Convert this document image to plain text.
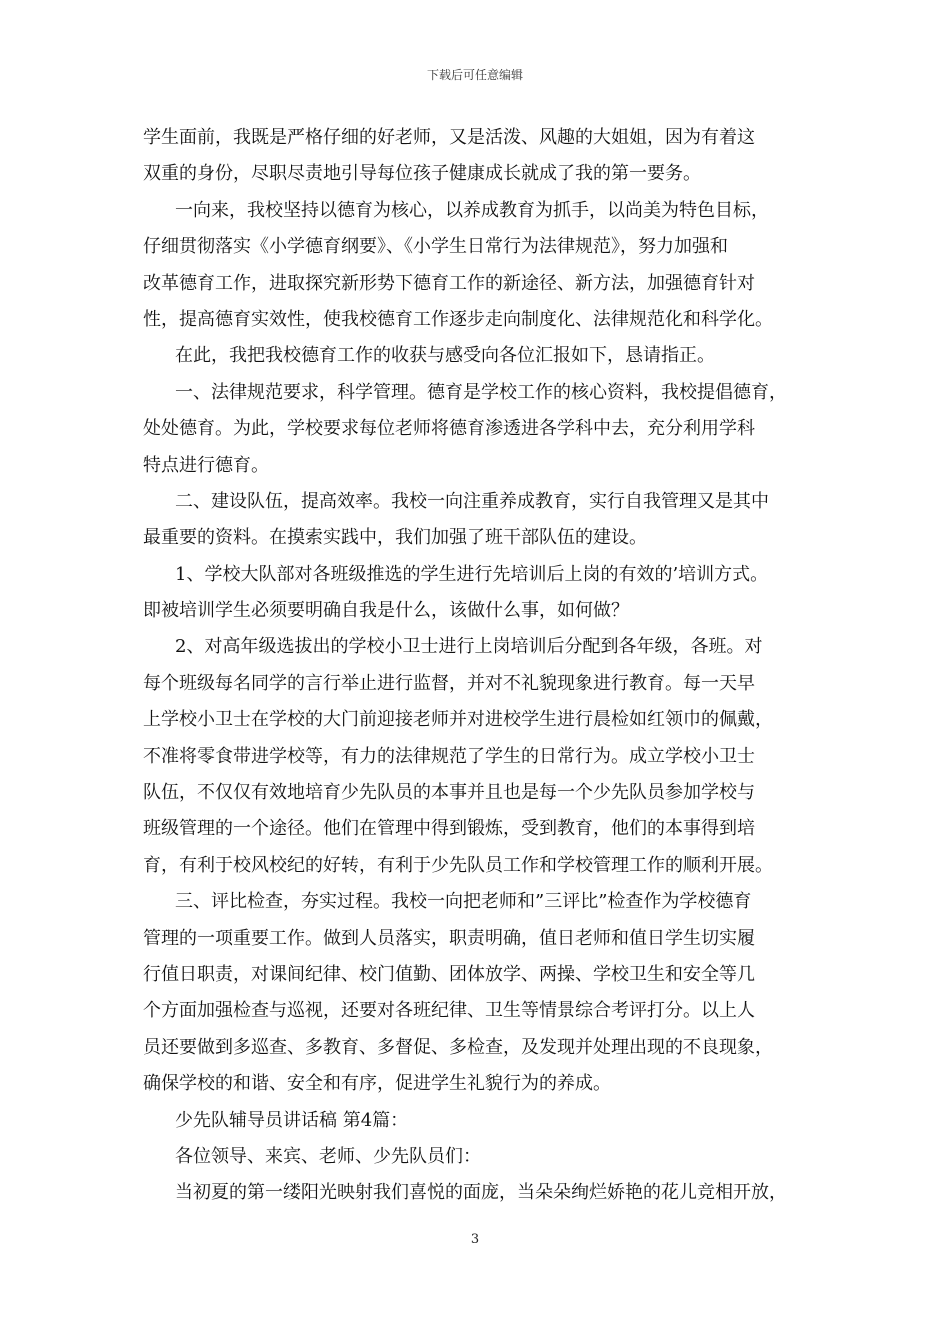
下载后可任意编辑
学生面前，我既是严格仔细的好老师，又是活泼、风趣的大姐姐，因为有着这
双重的身份，尽职尽责地引导每位孩子健康成长就成了我的第一要务。
一向来，我校坚持以德育为核心，以养成教育为抓手，以尚美为特色目标，
仔细贯彻落实《小学德育纲要》、《小学生日常行为法律规范》，努力加强和
改革德育工作，进取探究新形势下德育工作的新途径、新方法，加强德育针对
性，提高德育实效性，使我校德育工作逐步走向制度化、法律规范化和科学化。
在此，我把我校德育工作的收获与感受向各位汇报如下，恳请指正。
一、法律规范要求，科学管理。德育是学校工作的核心资料，我校提倡德育，
处处德育。为此，学校要求每位老师将德育渗透进各学科中去，充分利用学科
特点进行德育。
二、建设队伍，提高效率。我校一向注重养成教育，实行自我管理又是其中
最重要的资料。在摸索实践中，我们加强了班干部队伍的建设。
1、学校大队部对各班级推选的学生进行先培训后上岗的有效的’培训方式。
即被培训学生必须要明确自我是什么，该做什么事，如何做？
2、对高年级选拔出的学校小卫士进行上岗培训后分配到各年级，各班。对
每个班级每名同学的言行举止进行监督，并对不礼貌现象进行教育。每一天早
上学校小卫士在学校的大门前迎接老师并对进校学生进行晨检如红领巾的佩戴，
不准将零食带进学校等，有力的法律规范了学生的日常行为。成立学校小卫士
队伍，不仅仅有效地培育少先队员的本事并且也是每一个少先队员参加学校与
班级管理的一个途径。他们在管理中得到锻炼，受到教育，他们的本事得到培
育，有利于校风校纪的好转，有利于少先队员工作和学校管理工作的顺利开展。
三、评比检查，夯实过程。我校一向把老师和”三评比”检查作为学校德育
管理的一项重要工作。做到人员落实，职责明确，值日老师和值日学生切实履
行值日职责，对课间纪律、校门值勤、团体放学、两操、学校卫生和安全等几
个方面加强检查与巡视，还要对各班纪律、卫生等情景综合考评打分。以上人
员还要做到多巡查、多教育、多督促、多检查，及发现并处理出现的不良现象，
确保学校的和谐、安全和有序，促进学生礼貌行为的养成。
少先队辅导员讲话稿 第4篇：
各位领导、来宾、老师、少先队员们：
当初夏的第一缕阳光映射我们喜悦的面庞，当朵朵绚烂娇艳的花儿竞相开放，
3
